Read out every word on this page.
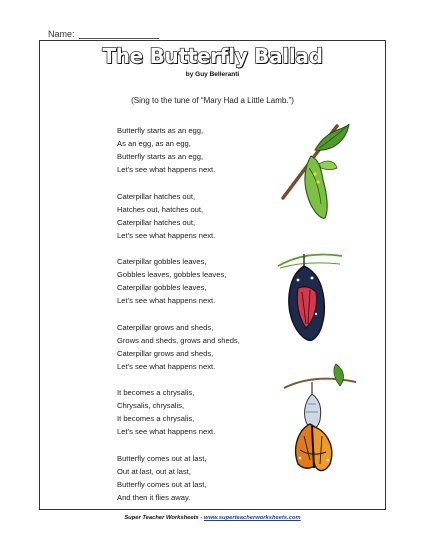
Name:
The Butterfly Ballad
by Guy Belleranti
(Sing to the tune of “Mary Had a Little Lamb.”)
Butterfly starts as an egg,
As an egg, as an egg,
Butterfly starts as an egg,
Let’s see what happens next.
Caterpillar hatches out,
Hatches out, hatches out,
Caterpillar hatches out,
Let’s see what happens next.
Caterpillar gobbles leaves,
Gobbles leaves, gobbles leaves,
Caterpillar gobbles leaves,
Let’s see what happens next.
Caterpillar grows and sheds,
Grows and sheds, grows and sheds,
Caterpillar grows and sheds,
Let’s see what happens next.
It becomes a chrysalis,
Chrysalis, chrysalis,
It becomes a chrysalis,
Let’s see what happens next.
Butterfly comes out at last,
Out at last, out at last,
Butterfly comes out at last,
And then it flies away.
Super Teacher Worksheets - www.superteacherworksheets.com
